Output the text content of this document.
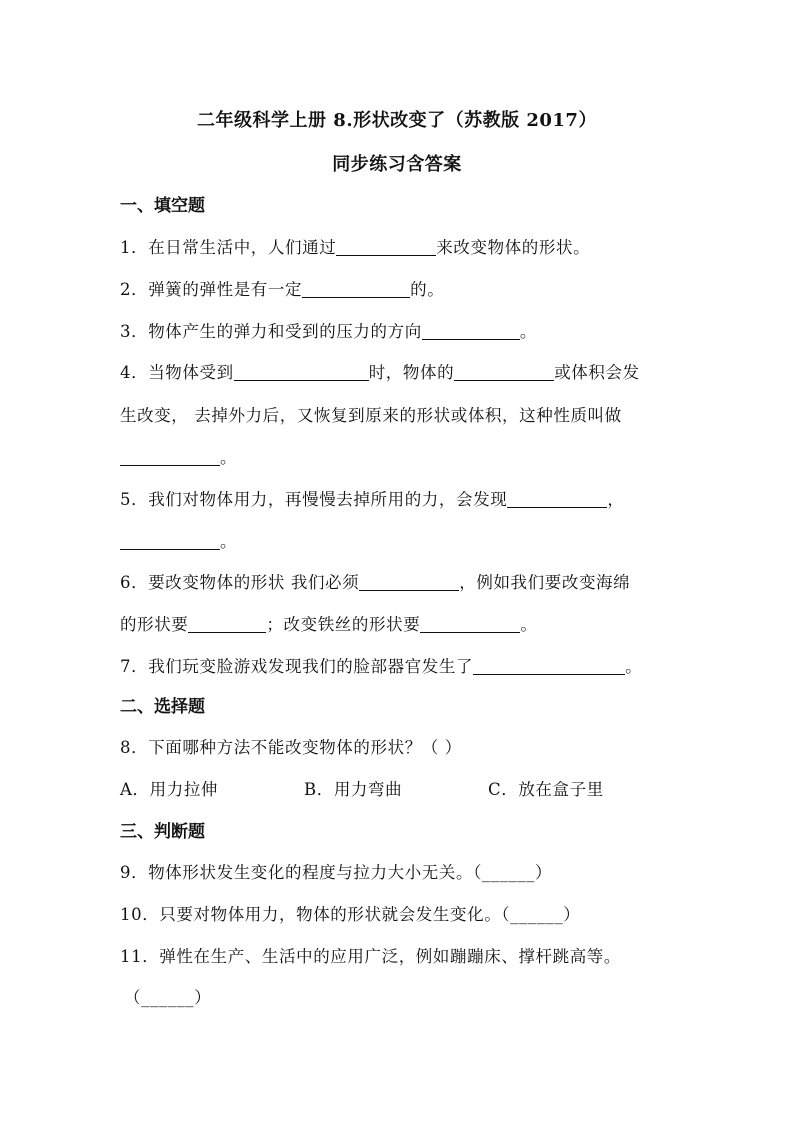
二年级科学上册 8.形状改变了（苏教版 2017）
同步练习含答案
一、填空题
1．在日常生活中，人们通过	来改变物体的形状。
2．弹簧的弹性是有一定	的。
3．物体产生的弹力和受到的压力的方向	。
4．当物体受到	时，物体的	或体积会发
生改变， 去掉外力后，又恢复到原来的形状或体积，这种性质叫做
。
5．我们对物体用力，再慢慢去掉所用的力，会发现	，
。
6．要改变物体的形状 我们必须	，例如我们要改变海绵
的形状要	；改变铁丝的形状要	。
7．我们玩变脸游戏发现我们的脸部器官发生了	。
二、选择题
8．下面哪种方法不能改变物体的形状？（ ）
A．用力拉伸	B．用力弯曲	C．放在盒子里
三、判断题
9．物体形状发生变化的程度与拉力大小无关。（______）
10．只要对物体用力，物体的形状就会发生变化。（______）
11．弹性在生产、生活中的应用广泛，例如蹦蹦床、撑杆跳高等。
（______）
